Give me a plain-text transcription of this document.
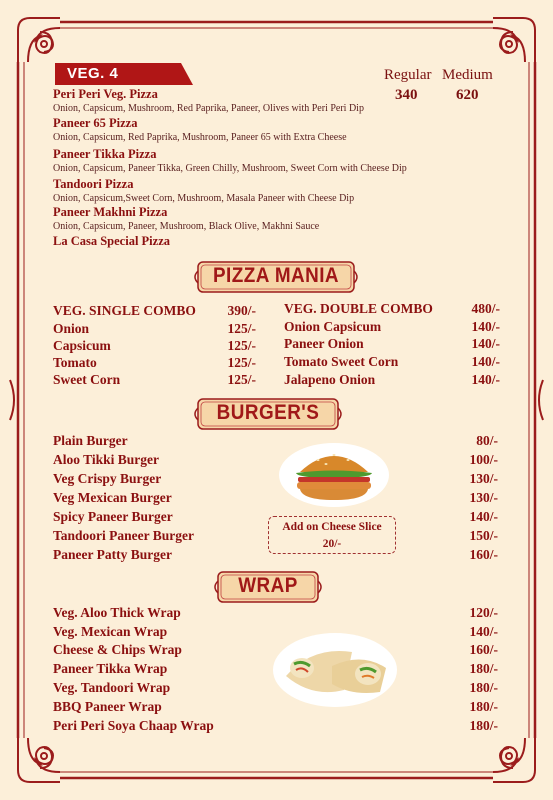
VEG. 4	Regular Medium
340	620
Peri Peri Veg. Pizza
Onion, Capsicum, Mushroom, Red Paprika, Paneer, Olives with Peri Peri Dip
Paneer 65 Pizza
Onion, Capsicum, Red Paprika, Mushroom, Paneer 65 with Extra Cheese
Paneer Tikka Pizza
Onion, Capsicum, Paneer Tikka, Green Chilly, Mushroom, Sweet Corn with Cheese Dip
Tandoori Pizza
Onion, Capsicum,Sweet Corn, Mushroom, Masala Paneer with Cheese Dip
Paneer Makhni Pizza
Onion, Capsicum, Paneer, Mushroom, Black Olive, Makhni Sauce
La Casa Special Pizza
PIZZA MANIA
VEG. SINGLE COMBO	390/-
Onion	125/-
Capsicum	125/-
Tomato	125/-
Sweet Corn	125/-
VEG. DOUBLE COMBO	480/-
Onion Capsicum	140/-
Paneer Onion	140/-
Tomato Sweet Corn	140/-
Jalapeno Onion	140/-
BURGER'S
Plain Burger	80/-
Aloo Tikki Burger	100/-
Veg Crispy Burger	130/-
Veg Mexican Burger	130/-
Spicy Paneer Burger	140/-
Tandoori Paneer Burger	150/-
Paneer Patty Burger	160/-
Add on Cheese Slice
20/-
WRAP
Veg. Aloo Thick Wrap	120/-
Veg. Mexican Wrap	140/-
Cheese & Chips Wrap	160/-
Paneer Tikka Wrap	180/-
Veg. Tandoori Wrap	180/-
BBQ Paneer Wrap	180/-
Peri Peri Soya Chaap Wrap	180/-
